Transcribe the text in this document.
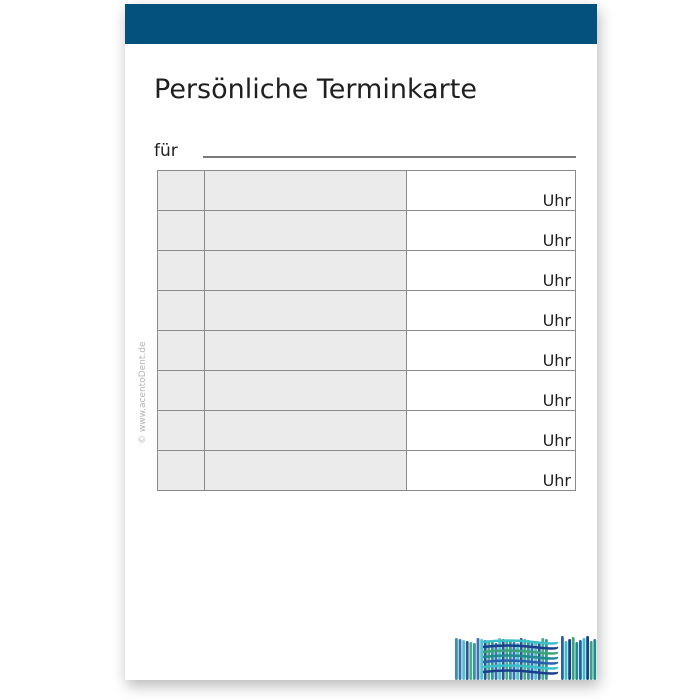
Persönliche Terminkarte
für
		Uhr
		Uhr
		Uhr
		Uhr
		Uhr
		Uhr
		Uhr
		Uhr
© www.acentoDent.de
